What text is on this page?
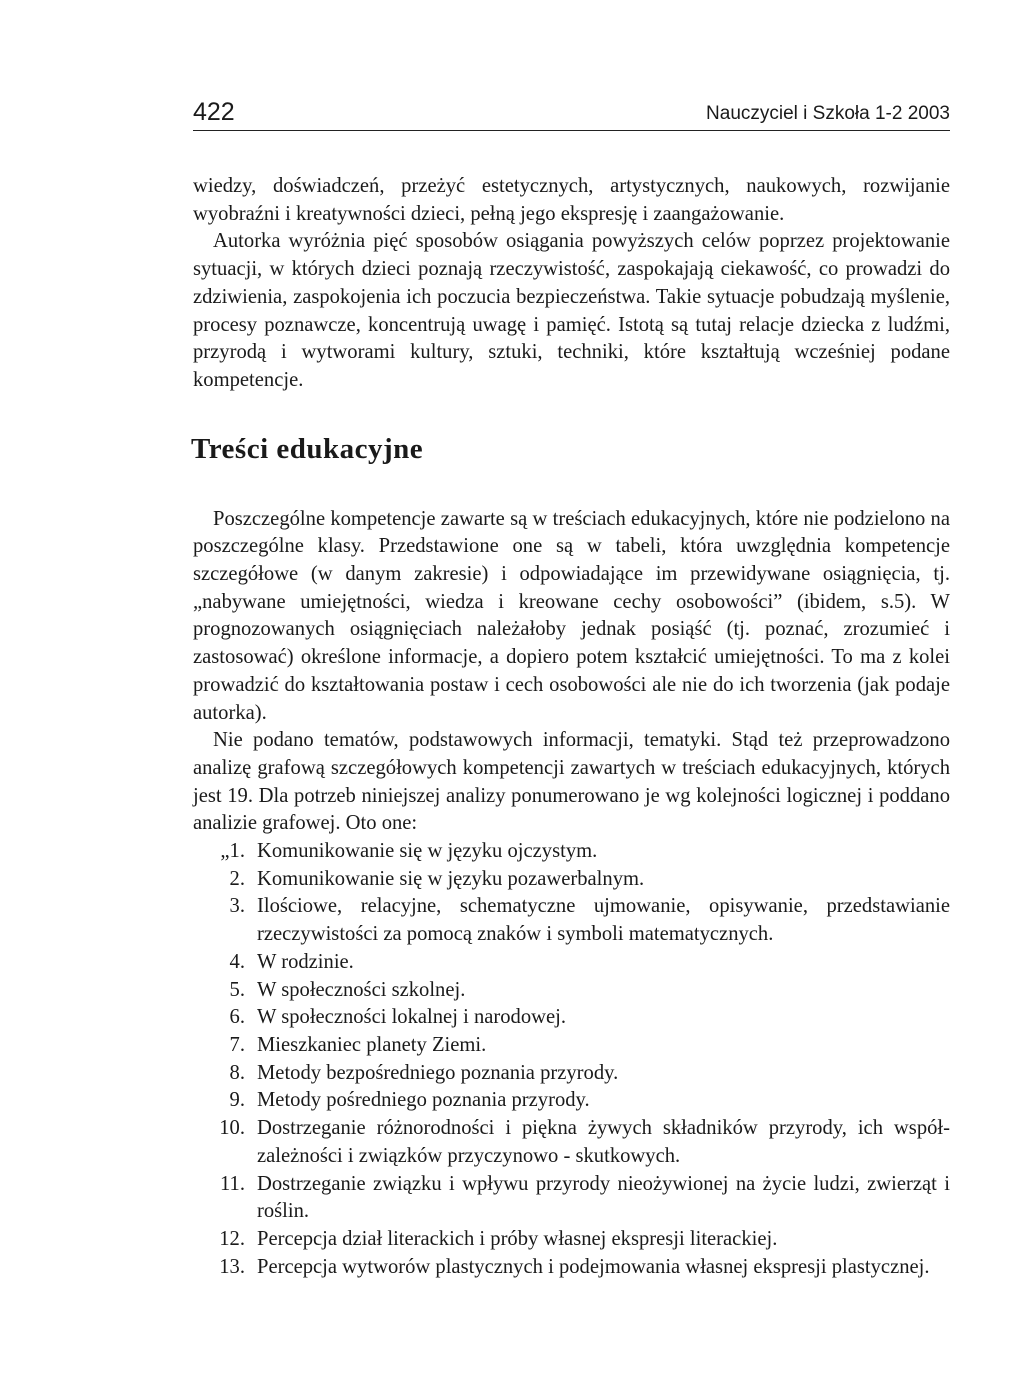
422	Nauczyciel i Szkoła 1-2 2003

wiedzy, doświadczeń, przeżyć estetycznych, artystycznych, naukowych, rozwijanie wyobraźni i kreatywności dzieci, pełną jego ekspresję i zaangażowanie.

Autorka wyróżnia pięć sposobów osiągania powyższych celów poprzez projektowanie sytuacji, w których dzieci poznają rzeczywistość, zaspokajają ciekawość, co prowadzi do zdziwienia, zaspokojenia ich poczucia bezpieczeństwa. Takie sytuacje pobudzają myślenie, procesy poznawcze, koncentrują uwagę i pamięć. Istotą są tutaj relacje dziecka z ludźmi, przyrodą i wytworami kultury, sztuki, techniki, które kształtują wcześniej podane kompetencje.

Treści edukacyjne

Poszczególne kompetencje zawarte są w treściach edukacyjnych, które nie podzielono na poszczególne klasy. Przedstawione one są w tabeli, która uwzględnia kompetencje szczegółowe (w danym zakresie) i odpowiadające im przewidywane osiągnięcia, tj. „nabywane umiejętności, wiedza i kreowane cechy osobowości” (ibidem, s.5). W prognozowanych osiągnięciach należałoby jednak posiąść (tj. poznać, zrozumieć i zastosować) określone informacje, a dopiero potem kształcić umiejętności. To ma z kolei prowadzić do kształtowania postaw i cech osobowości ale nie do ich tworzenia (jak podaje autorka).

Nie podano tematów, podstawowych informacji, tematyki. Stąd też przeprowadzono analizę grafową szczegółowych kompetencji zawartych w treściach edukacyjnych, których jest 19. Dla potrzeb niniejszej analizy ponumerowano je wg kolejności logicznej i poddano analizie grafowej. Oto one:

„1. Komunikowanie się w języku ojczystym.
2. Komunikowanie się w języku pozawerbalnym.
3. Ilościowe, relacyjne, schematyczne ujmowanie, opisywanie, przedstawianie rzeczywistości za pomocą znaków i symboli matematycznych.
4. W rodzinie.
5. W społeczności szkolnej.
6. W społeczności lokalnej i narodowej.
7. Mieszkaniec planety Ziemi.
8. Metody bezpośredniego poznania przyrody.
9. Metody pośredniego poznania przyrody.
10. Dostrzeganie różnorodności i piękna żywych składników przyrody, ich współzależności i związków przyczynowo - skutkowych.
11. Dostrzeganie związku i wpływu przyrody nieożywionej na życie ludzi, zwierząt i roślin.
12. Percepcja dział literackich i próby własnej ekspresji literackiej.
13. Percepcja wytworów plastycznych i podejmowania własnej ekspresji plastycznej.
